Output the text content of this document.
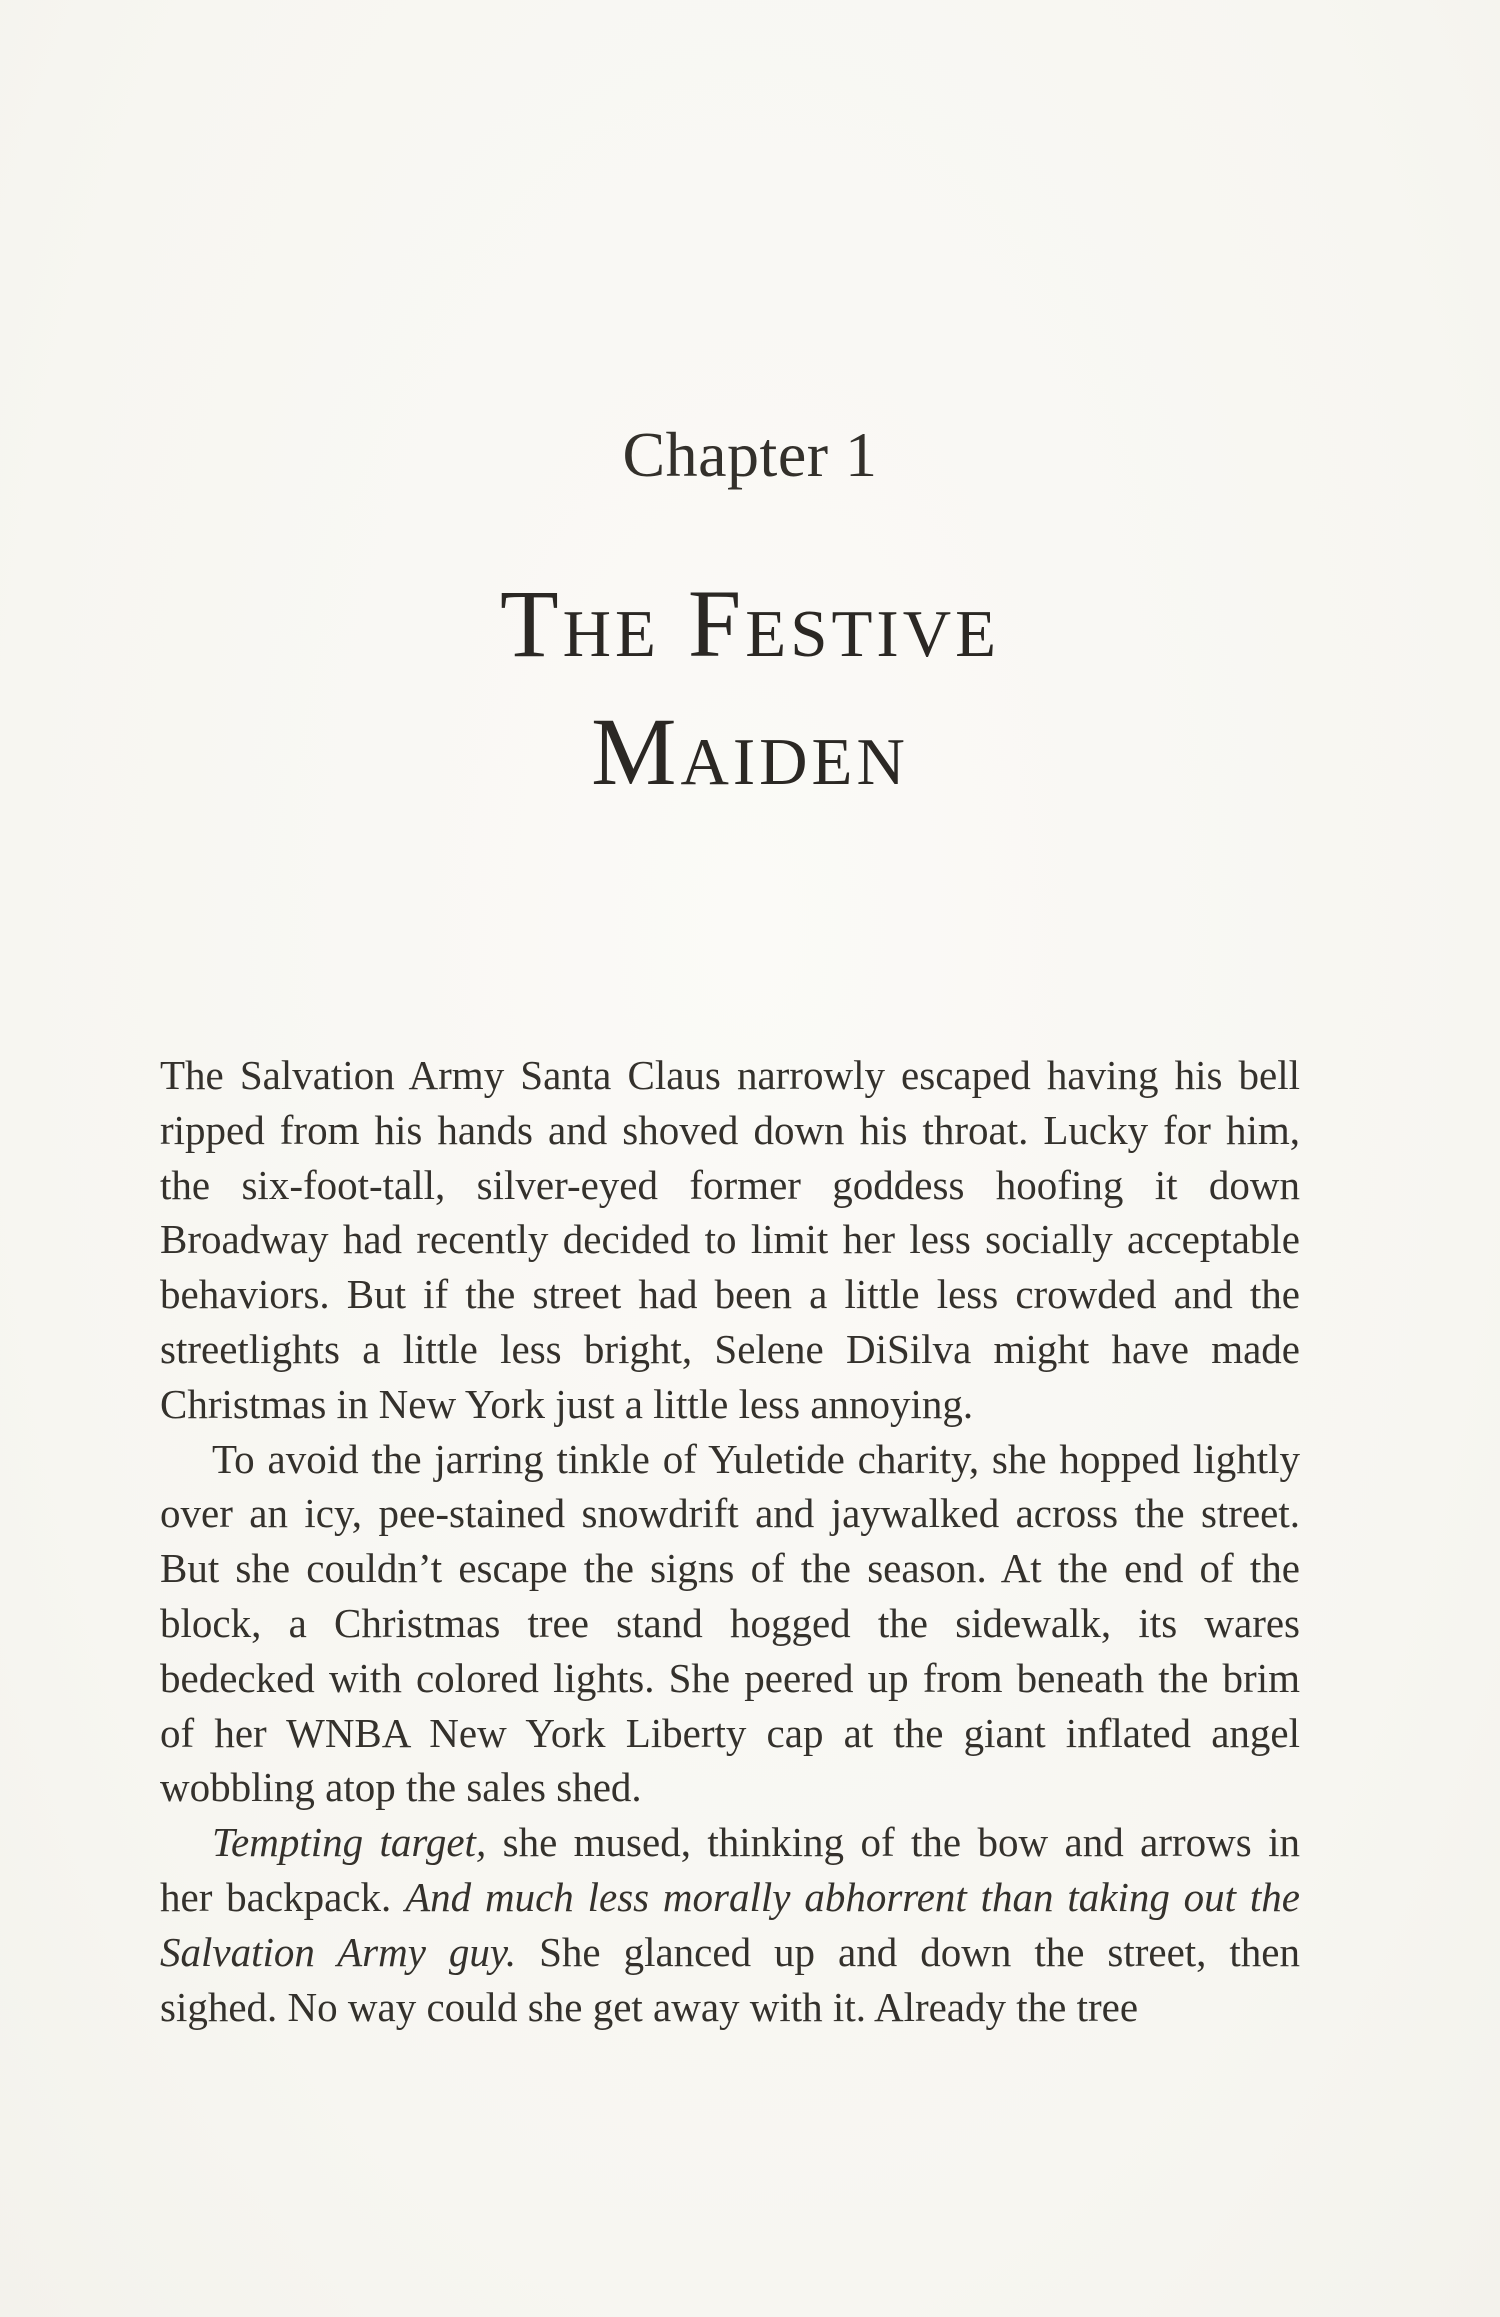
Chapter 1
The Festive
Maiden

The Salvation Army Santa Claus narrowly escaped having his bell ripped from his hands and shoved down his throat. Lucky for him, the six-foot-tall, silver-eyed former goddess hoofing it down Broadway had recently decided to limit her less socially acceptable behaviors. But if the street had been a little less crowded and the streetlights a little less bright, Selene DiSilva might have made Christmas in New York just a little less annoying.

To avoid the jarring tinkle of Yuletide charity, she hopped lightly over an icy, pee-stained snowdrift and jaywalked across the street. But she couldn’t escape the signs of the season. At the end of the block, a Christmas tree stand hogged the sidewalk, its wares bedecked with colored lights. She peered up from beneath the brim of her WNBA New York Liberty cap at the giant inflated angel wobbling atop the sales shed.

Tempting target, she mused, thinking of the bow and arrows in her backpack. And much less morally abhorrent than taking out the Salvation Army guy. She glanced up and down the street, then sighed. No way could she get away with it. Already the tree
